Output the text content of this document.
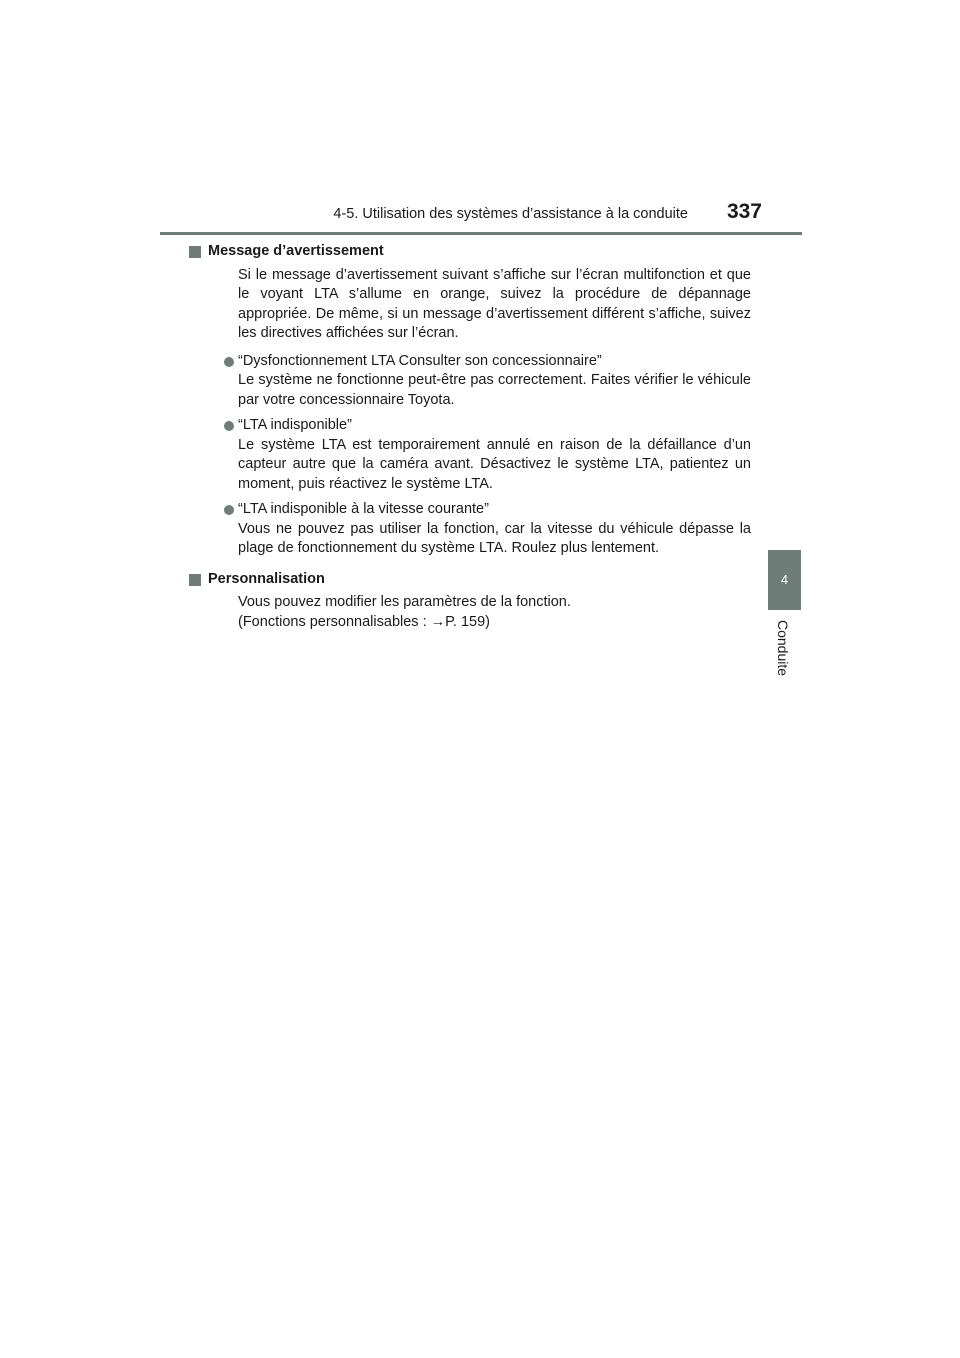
4-5. Utilisation des systèmes d’assistance à la conduite	337
4
Conduite
Message d’avertissement

Si le message d’avertissement suivant s’affiche sur l’écran multifonction et que le voyant LTA s’allume en orange, suivez la procédure de dépannage appropriée. De même, si un message d’avertissement différent s’affiche, suivez les directives affichées sur l’écran.

“Dysfonctionnement LTA Consulter son concessionnaire”

Le système ne fonctionne peut-être pas correctement. Faites vérifier le véhicule par votre concessionnaire Toyota.

“LTA indisponible”

Le système LTA est temporairement annulé en raison de la défaillance d’un capteur autre que la caméra avant. Désactivez le système LTA, patientez un moment, puis réactivez le système LTA.

“LTA indisponible à la vitesse courante”

Vous ne pouvez pas utiliser la fonction, car la vitesse du véhicule dépasse la plage de fonctionnement du système LTA. Roulez plus lentement.

Personnalisation

Vous pouvez modifier les paramètres de la fonction.

(Fonctions personnalisables : →P. 159)
